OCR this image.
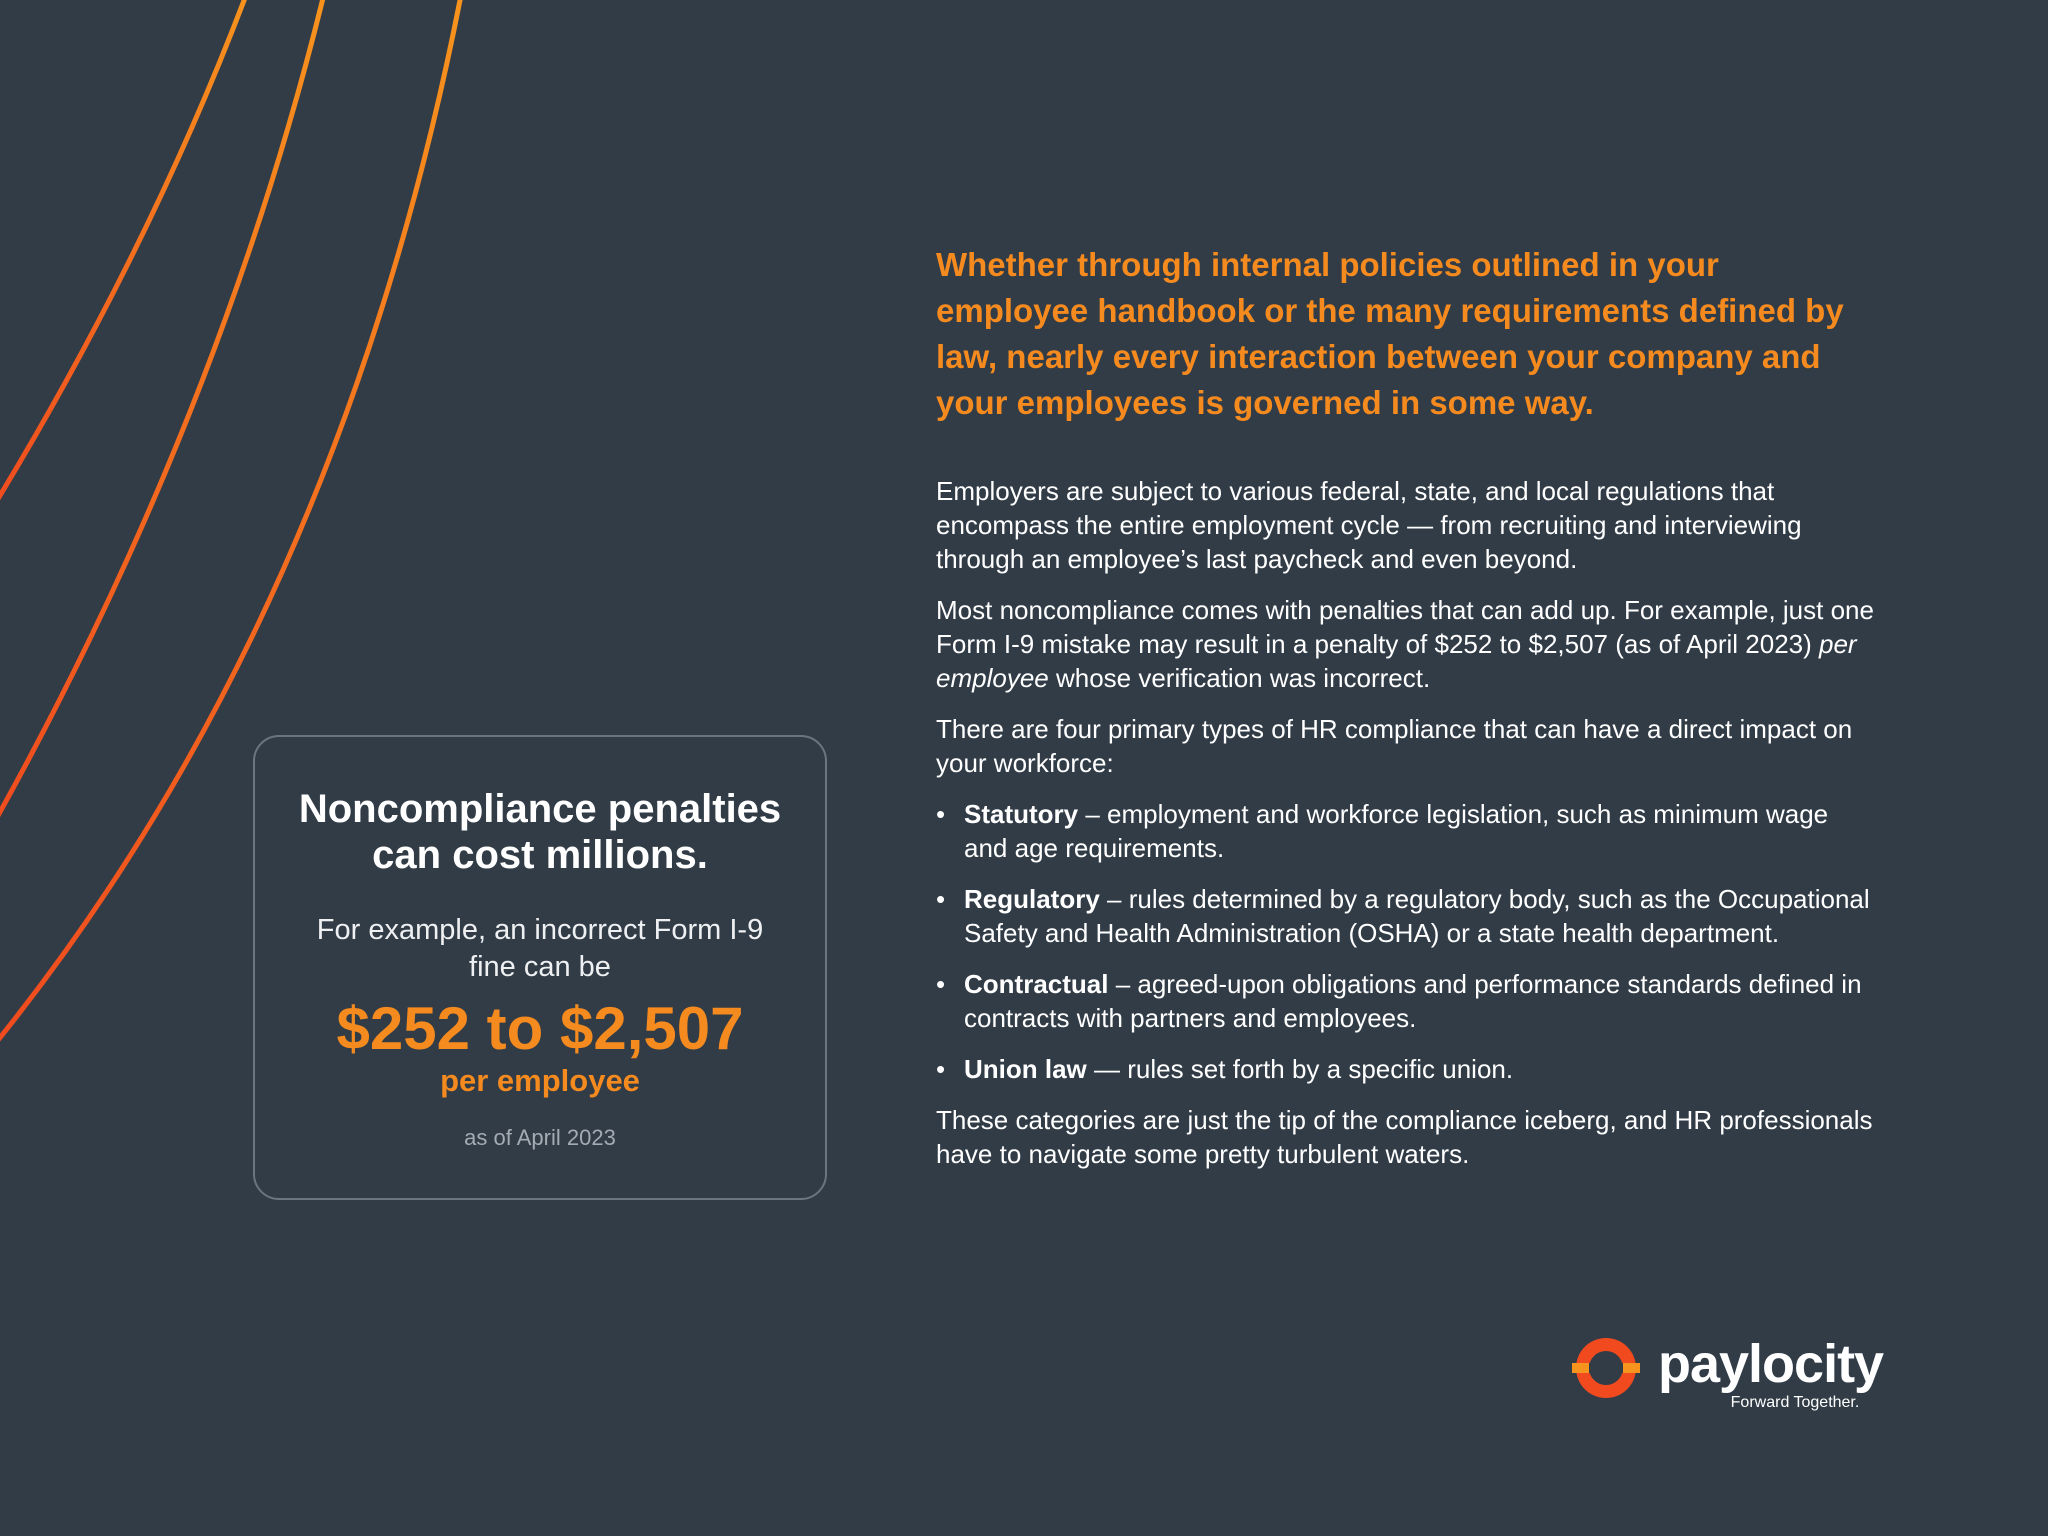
Noncompliance penalties can cost millions.

For example, an incorrect Form I-9 fine can be

$252 to $2,507

per employee

as of April 2023

Whether through internal policies outlined in your employee handbook or the many requirements defined by law, nearly every interaction between your company and your employees is governed in some way.

Employers are subject to various federal, state, and local regulations that encompass the entire employment cycle — from recruiting and interviewing through an employee’s last paycheck and even beyond.

Most noncompliance comes with penalties that can add up. For example, just one Form I-9 mistake may result in a penalty of $252 to $2,507 (as of April 2023) per employee whose verification was incorrect.

There are four primary types of HR compliance that can have a direct impact on your workforce:

• Statutory – employment and workforce legislation, such as minimum wage and age requirements.
• Regulatory – rules determined by a regulatory body, such as the Occupational Safety and Health Administration (OSHA) or a state health department.
• Contractual – agreed-upon obligations and performance standards defined in contracts with partners and employees.
• Union law — rules set forth by a specific union.

These categories are just the tip of the compliance iceberg, and HR professionals have to navigate some pretty turbulent waters.

paylocity
Forward Together.
